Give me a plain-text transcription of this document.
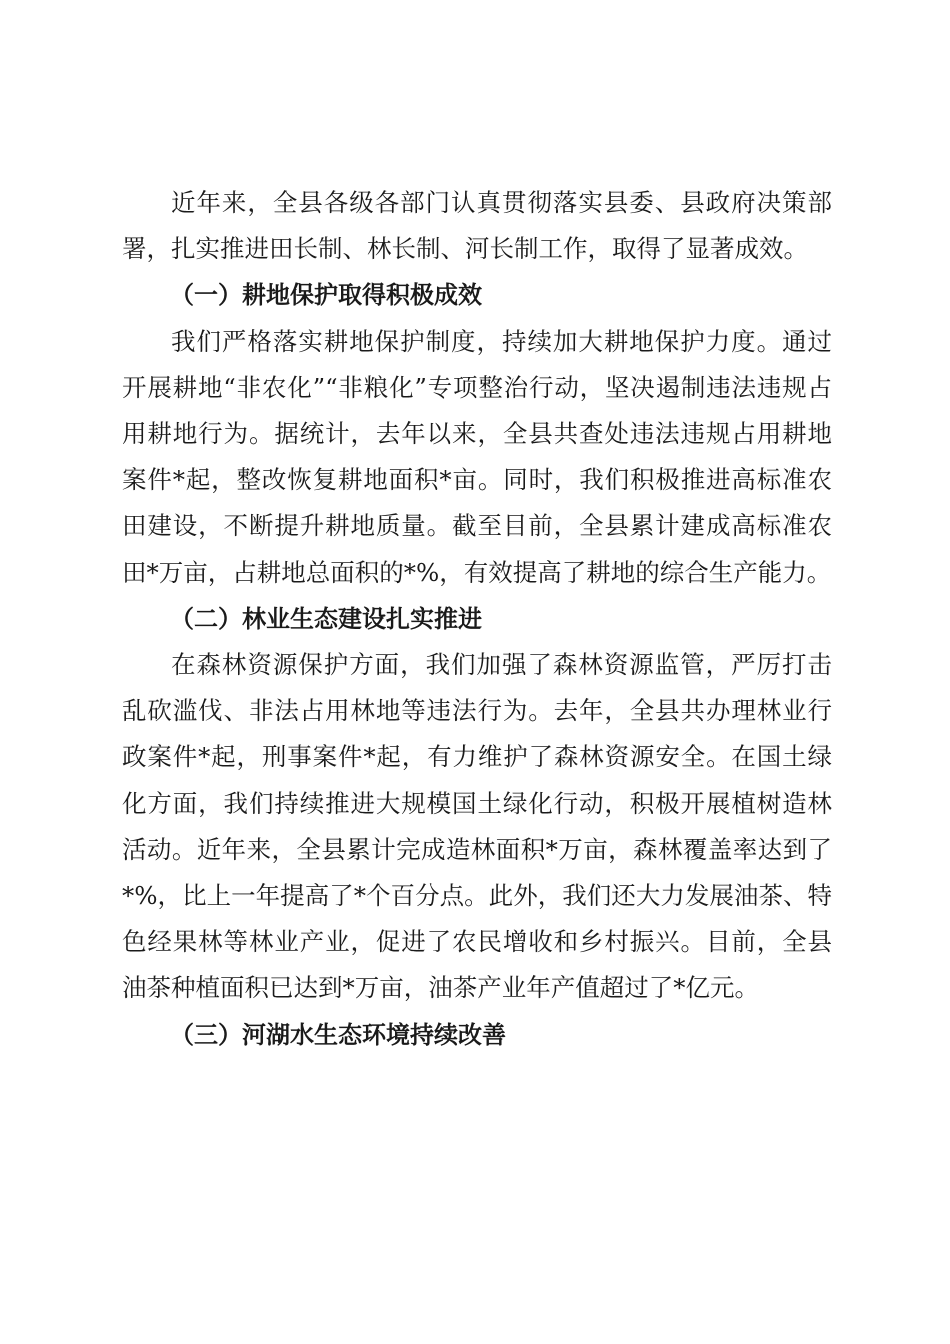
近年来，全县各级各部门认真贯彻落实县委、县政府决策部署，扎实推进田长制、林长制、河长制工作，取得了显著成效。

（一）耕地保护取得积极成效

我们严格落实耕地保护制度，持续加大耕地保护力度。通过开展耕地“非农化”“非粮化”专项整治行动，坚决遏制违法违规占用耕地行为。据统计，去年以来，全县共查处违法违规占用耕地案件*起，整改恢复耕地面积*亩。同时，我们积极推进高标准农田建设，不断提升耕地质量。截至目前，全县累计建成高标准农田*万亩，占耕地总面积的*%，有效提高了耕地的综合生产能力。

（二）林业生态建设扎实推进

在森林资源保护方面，我们加强了森林资源监管，严厉打击乱砍滥伐、非法占用林地等违法行为。去年，全县共办理林业行政案件*起，刑事案件*起，有力维护了森林资源安全。在国土绿化方面，我们持续推进大规模国土绿化行动，积极开展植树造林活动。近年来，全县累计完成造林面积*万亩，森林覆盖率达到了*%，比上一年提高了*个百分点。此外，我们还大力发展油茶、特色经果林等林业产业，促进了农民增收和乡村振兴。目前，全县油茶种植面积已达到*万亩，油茶产业年产值超过了*亿元。

（三）河湖水生态环境持续改善
